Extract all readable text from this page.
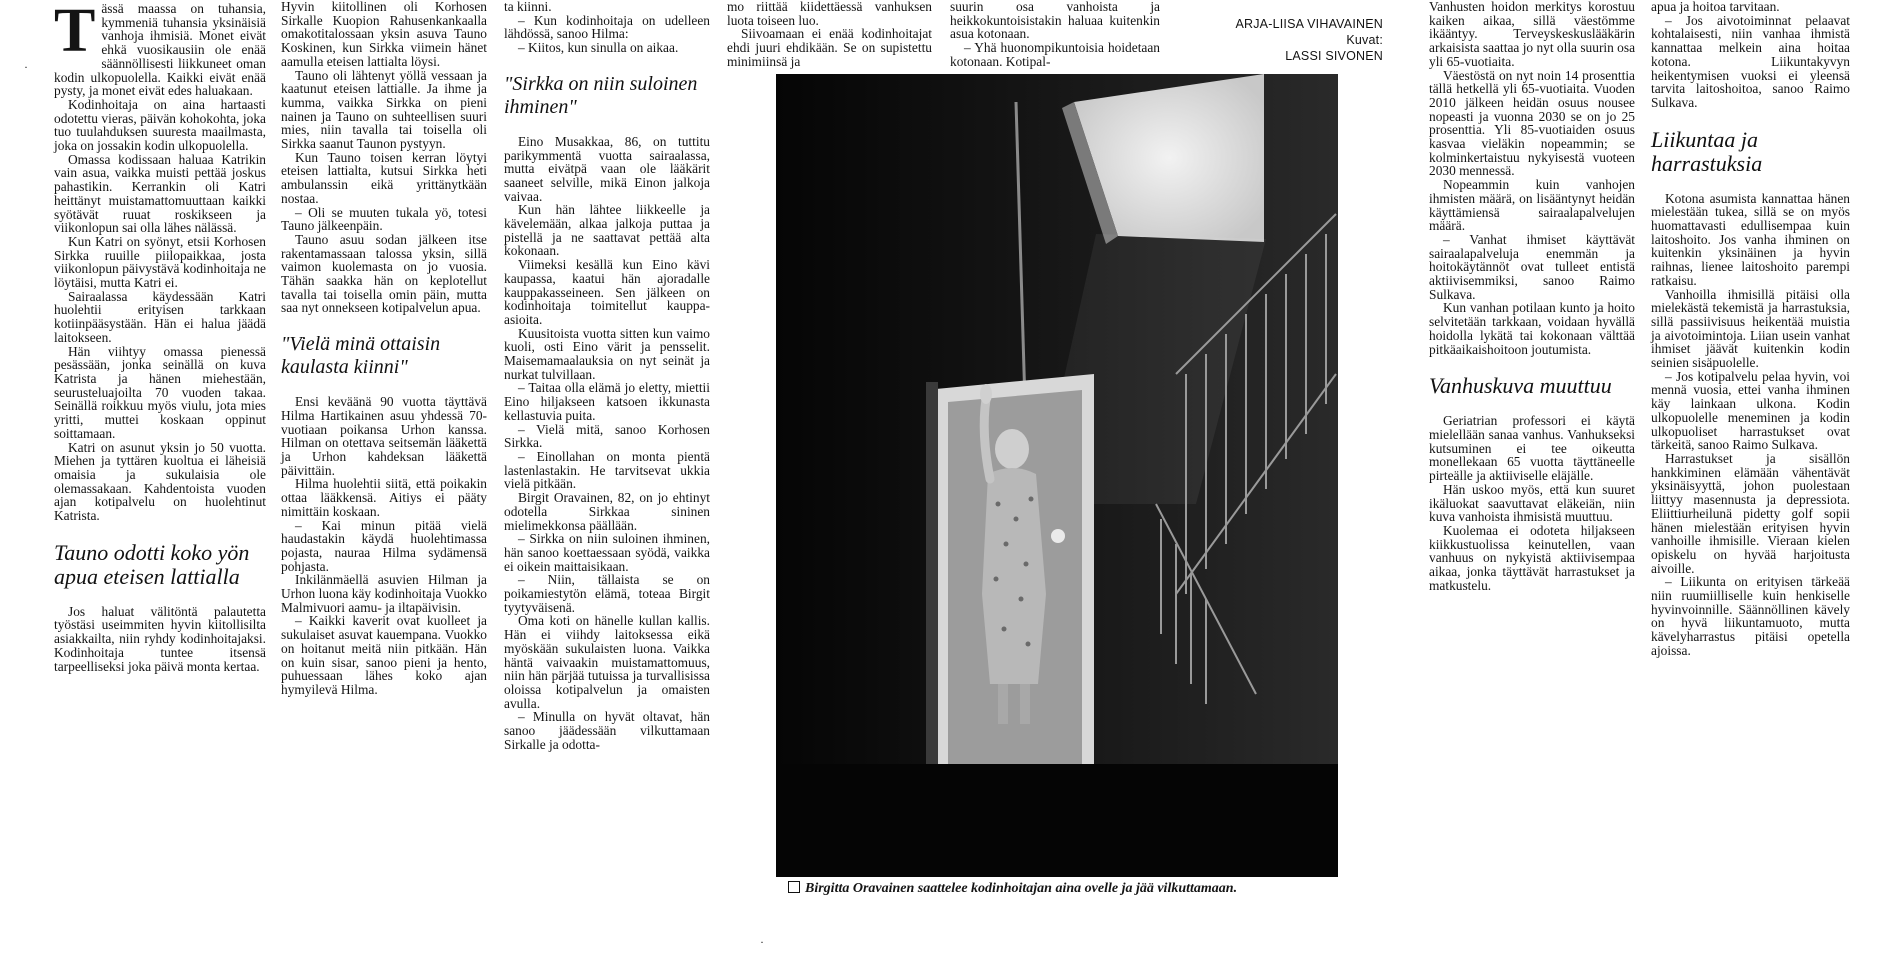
T ässä maassa on tuhansia, kymmeniä tuhansia yksinäisiä vanhoja ihmisiä. Monet eivät ehkä vuosikausiin ole enää säännöllisesti liikkuneet oman kodin ulkopuolella. Kaikki eivät enää pysty, ja monet eivät edes haluakaan.

Kodinhoitaja on aina hartaasti odotettu vieras, päivän kohokohta, joka tuo tuulahduksen suuresta maailmasta, joka on jossakin kodin ulkopuolella.

Omassa kodissaan haluaa Katrikin vain asua, vaikka muisti pettää joskus pahastikin. Kerrankin oli Katri heittänyt muistamattomuuttaan kaikki syötävät ruuat roskikseen ja viikonlopun sai olla lähes nälässä.

Kun Katri on syönyt, etsii Korhosen Sirkka ruuille piilopaikkaa, josta viikonlopun päivystävä kodinhoitaja ne löytäisi, mutta Katri ei.

Sairaalassa käydessään Katri huolehtii erityisen tarkkaan kotiinpääsystään. Hän ei halua jäädä laitokseen.

Hän viihtyy omassa pienessä pesässään, jonka seinällä on kuva Katrista ja hänen miehestään, seurusteluajoilta 70 vuoden takaa. Seinällä roikkuu myös viulu, jota mies yritti, muttei koskaan oppinut soittamaan.

Katri on asunut yksin jo 50 vuotta. Miehen ja tyttären kuoltua ei läheisiä omaisia ja sukulaisia ole olemassakaan. Kahdentoista vuoden ajan kotipalvelu on huolehtinut Katrista.

Tauno odotti koko yön apua eteisen lattialla

Jos haluat välitöntä palautetta työstäsi useimmiten hyvin kiitollisilta asiakkailta, niin ryhdy kodinhoitajaksi. Kodinhoitaja tuntee itsensä tarpeelliseksi joka päivä monta kertaa.

Hyvin kiitollinen oli Korhosen Sirkalle Kuopion Rahusenkankaalla omakotitalossaan yksin asuva Tauno Koskinen, kun Sirkka viimein hänet aamulla eteisen lattialta löysi.

Tauno oli lähtenyt yöllä vessaan ja kaatunut eteisen lattialle. Ja ihme ja kumma, vaikka Sirkka on pieni nainen ja Tauno on suhteellisen suuri mies, niin tavalla tai toisella oli Sirkka saanut Taunon pystyyn.

Kun Tauno toisen kerran löytyi eteisen lattialta, kutsui Sirkka heti ambulanssin eikä yrittänytkään nostaa.

– Oli se muuten tukala yö, totesi Tauno jälkeenpäin.

Tauno asuu sodan jälkeen itse rakentamassaan talossa yksin, sillä vaimon kuolemasta on jo vuosia. Tähän saakka hän on keplotellut tavalla tai toisella omin päin, mutta saa nyt onnekseen kotipalvelun apua.

"Vielä minä ottaisin kaulasta kiinni"

Ensi keväänä 90 vuotta täyttävä Hilma Hartikainen asuu yhdessä 70-vuotiaan poikansa Urhon kanssa. Hilman on otettava seitsemän lääkettä ja Urhon kahdeksan lääkettä päivittäin.

Hilma huolehtii siitä, että poikakin ottaa lääkkensä. Aitiys ei pääty nimittäin koskaan.

– Kai minun pitää vielä haudastakin käydä huolehtimassa pojasta, nauraa Hilma sydämensä pohjasta.

Inkilänmäellä asuvien Hilman ja Urhon luona käy kodinhoitaja Vuokko Malmivuori aamu- ja iltapäivisin.

– Kaikki kaverit ovat kuolleet ja sukulaiset asuvat kauempana. Vuokko on hoitanut meitä niin pitkään. Hän on kuin sisar, sanoo pieni ja hento, puhuessaan lähes koko ajan hymyilevä Hilma.

ta kiinni.

– Kun kodinhoitaja on udelleen lähdössä, sanoo Hilma:

– Kiitos, kun sinulla on aikaa.

"Sirkka on niin suloinen ihminen"

Eino Musakkaa, 86, on tuttitu parikymmentä vuotta sairaalassa, mutta eivätpä vaan ole lääkärit saaneet selville, mikä Einon jalkoja vaivaa.

Kun hän lähtee liikkeelle ja kävelemään, alkaa jalkoja puttaa ja pistellä ja ne saattavat pettää alta kokonaan.

Viimeksi kesällä kun Eino kävi kaupassa, kaatui hän ajoradalle kauppakasseineen. Sen jälkeen on kodinhoitaja toimitellut kauppa-asioita.

Kuusitoista vuotta sitten kun vaimo kuoli, osti Eino värit ja pensselit. Maisemamaalauksia on nyt seinät ja nurkat tulvillaan.

– Taitaa olla elämä jo eletty, miettii Eino hiljakseen katsoen ikkunasta kellastuvia puita.

– Vielä mitä, sanoo Korhosen Sirkka.

– Einollahan on monta pientä lastenlastakin. He tarvitsevat ukkia vielä pitkään.

Birgit Oravainen, 82, on jo ehtinyt odotella Sirkkaa sininen mielimekkonsa päällään.

– Sirkka on niin suloinen ihminen, hän sanoo koettaessaan syödä, vaikka ei oikein maittaisikaan.

– Niin, tällaista se on poikamiestytön elämä, toteaa Birgit tyytyväisenä.

Oma koti on hänelle kullan kallis. Hän ei viihdy laitoksessa eikä myöskään sukulaisten luona. Vaikka häntä vaivaakin muistamattomuus, niin hän pärjää tutuissa ja turvallisissa oloissa kotipalvelun ja omaisten avulla.

– Minulla on hyvät oltavat, hän sanoo jäädessään vilkuttamaan Sirkalle ja odotta-

mo riittää kiidettäessä vanhuksen luota toiseen luo.

Siivoamaan ei enää kodinhoitajat ehdi juuri ehdikään. Se on supistettu minimiinsä ja

suurin osa vanhoista ja heikkokuntoisistakin haluaa kuitenkin asua kotonaan.

– Yhä huonompikuntoisia hoidetaan kotonaan. Kotipal-

ARJA-LIISA VIHAVAINEN
Kuvat:
LASSI SIVONEN
Birgitta Oravainen saattelee kodinhoitajan aina ovelle ja jää vilkuttamaan.

Vanhusten hoidon merkitys korostuu kaiken aikaa, sillä väestömme ikääntyy. Terveyskeskuslääkärin arkaisista saattaa jo nyt olla suurin osa yli 65-vuotiaita.

Väestöstä on nyt noin 14 prosenttia tällä hetkellä yli 65-vuotiaita. Vuoden 2010 jälkeen heidän osuus nousee nopeasti ja vuonna 2030 se on jo 25 prosenttia. Yli 85-vuotiaiden osuus kasvaa vieläkin nopeammin; se kolminkertaistuu nykyisestä vuoteen 2030 mennessä.

Nopeammin kuin vanhojen ihmisten määrä, on lisääntynyt heidän käyttämiensä sairaalapalvelujen määrä.

– Vanhat ihmiset käyttävät sairaalapalveluja enemmän ja hoitokäytännöt ovat tulleet entistä aktiivisemmiksi, sanoo Raimo Sulkava.

Kun vanhan potilaan kunto ja hoito selvitetään tarkkaan, voidaan hyvällä hoidolla lykätä tai kokonaan välttää pitkäaikaishoitoon joutumista.

Vanhuskuva muuttuu

Geriatrian professori ei käytä mielellään sanaa vanhus. Vanhukseksi kutsuminen ei tee oikeutta monellekaan 65 vuotta täyttäneelle pirteälle ja aktiiviselle eläjälle.

Hän uskoo myös, että kun suuret ikäluokat saavuttavat eläkeiän, niin kuva vanhoista ihmisistä muuttuu.

Kuolemaa ei odoteta hiljakseen kiikkustuolissa keinutellen, vaan vanhuus on nykyistä aktiivisempaa aikaa, jonka täyttävät harrastukset ja matkustelu.

apua ja hoitoa tarvitaan.

– Jos aivotoiminnat pelaavat kohtalaisesti, niin vanhaa ihmistä kannattaa melkein aina hoitaa kotona. Liikuntakyvyn heikentymisen vuoksi ei yleensä tarvita laitoshoitoa, sanoo Raimo Sulkava.

Liikuntaa ja harrastuksia

Kotona asumista kannattaa hänen mielestään tukea, sillä se on myös huomattavasti edullisempaa kuin laitoshoito. Jos vanha ihminen on kuitenkin yksinäinen ja hyvin raihnas, lienee laitoshoito parempi ratkaisu.

Vanhoilla ihmisillä pitäisi olla mielekästä tekemistä ja harrastuksia, sillä passiivisuus heikentää muistia ja aivotoimintoja. Liian usein vanhat ihmiset jäävät kuitenkin kodin seinien sisäpuolelle.

– Jos kotipalvelu pelaa hyvin, voi mennä vuosia, ettei vanha ihminen käy lainkaan ulkona. Kodin ulkopuolelle meneminen ja kodin ulkopuoliset harrastukset ovat tärkeitä, sanoo Raimo Sulkava.

Harrastukset ja sisällön hankkiminen elämään vähentävät yksinäisyyttä, johon puolestaan liittyy masennusta ja depressiota. Eliittiurheilunä pidetty golf sopii hänen mielestään erityisen hyvin vanhoille ihmisille. Vieraan kielen opiskelu on hyvää harjoitusta aivoille.

– Liikunta on erityisen tärkeää niin ruumiilliselle kuin henkiselle hyvinvoinnille. Säännöllinen kävely on hyvä liikuntamuoto, mutta kävelyharrastus pitäisi opetella ajoissa.

·
·
